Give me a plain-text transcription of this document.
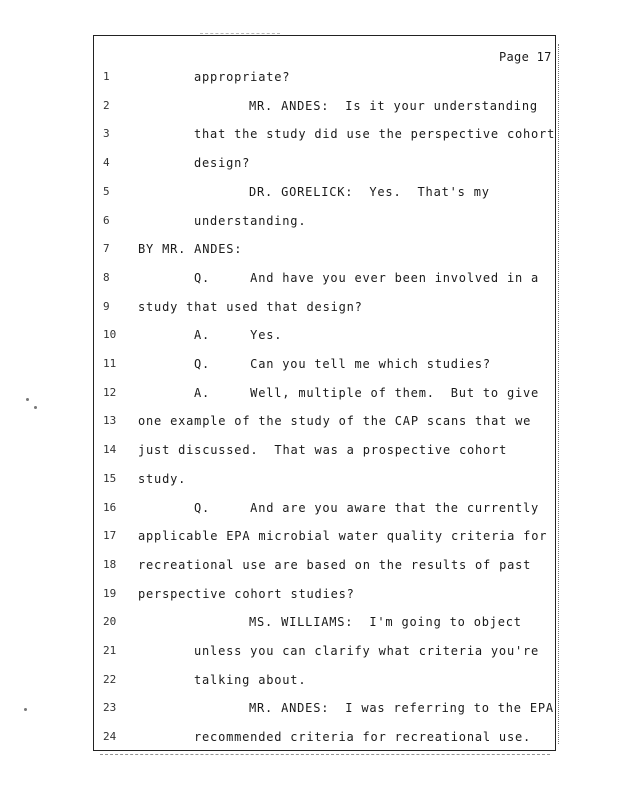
Page 17
1	appropriate?
2	MR. ANDES:  Is it your understanding
3	that the study did use the perspective cohort
4	design?
5	DR. GORELICK:  Yes.  That's my
6	understanding.
7	BY MR. ANDES:
8	Q.     And have you ever been involved in a
9	study that used that design?
10	A.     Yes.
11	Q.     Can you tell me which studies?
12	A.     Well, multiple of them.  But to give
13	one example of the study of the CAP scans that we
14	just discussed.  That was a prospective cohort
15	study.
16	Q.     And are you aware that the currently
17	applicable EPA microbial water quality criteria for
18	recreational use are based on the results of past
19	perspective cohort studies?
20	MS. WILLIAMS:  I'm going to object
21	unless you can clarify what criteria you're
22	talking about.
23	MR. ANDES:  I was referring to the EPA
24	recommended criteria for recreational use.
